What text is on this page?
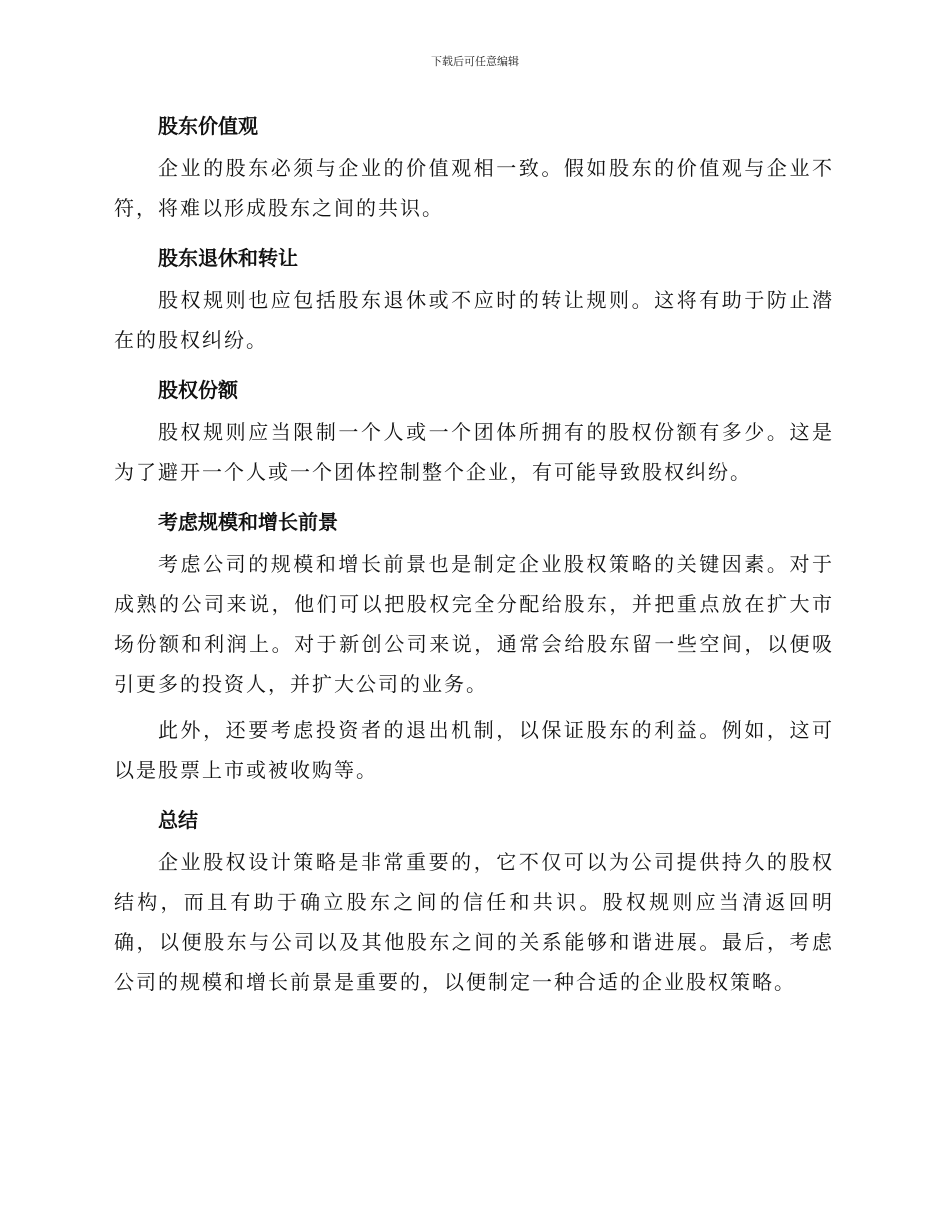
下载后可任意编辑
股东价值观

企业的股东必须与企业的价值观相一致。假如股东的价值观与企业不符，将难以形成股东之间的共识。

股东退休和转让

股权规则也应包括股东退休或不应时的转让规则。这将有助于防止潜在的股权纠纷。

股权份额

股权规则应当限制一个人或一个团体所拥有的股权份额有多少。这是为了避开一个人或一个团体控制整个企业，有可能导致股权纠纷。

考虑规模和增长前景

考虑公司的规模和增长前景也是制定企业股权策略的关键因素。对于成熟的公司来说，他们可以把股权完全分配给股东，并把重点放在扩大市场份额和利润上。对于新创公司来说，通常会给股东留一些空间，以便吸引更多的投资人，并扩大公司的业务。

此外，还要考虑投资者的退出机制，以保证股东的利益。例如，这可以是股票上市或被收购等。

总结

企业股权设计策略是非常重要的，它不仅可以为公司提供持久的股权结构，而且有助于确立股东之间的信任和共识。股权规则应当清返回明确，以便股东与公司以及其他股东之间的关系能够和谐进展。最后，考虑公司的规模和增长前景是重要的，以便制定一种合适的企业股权策略。
